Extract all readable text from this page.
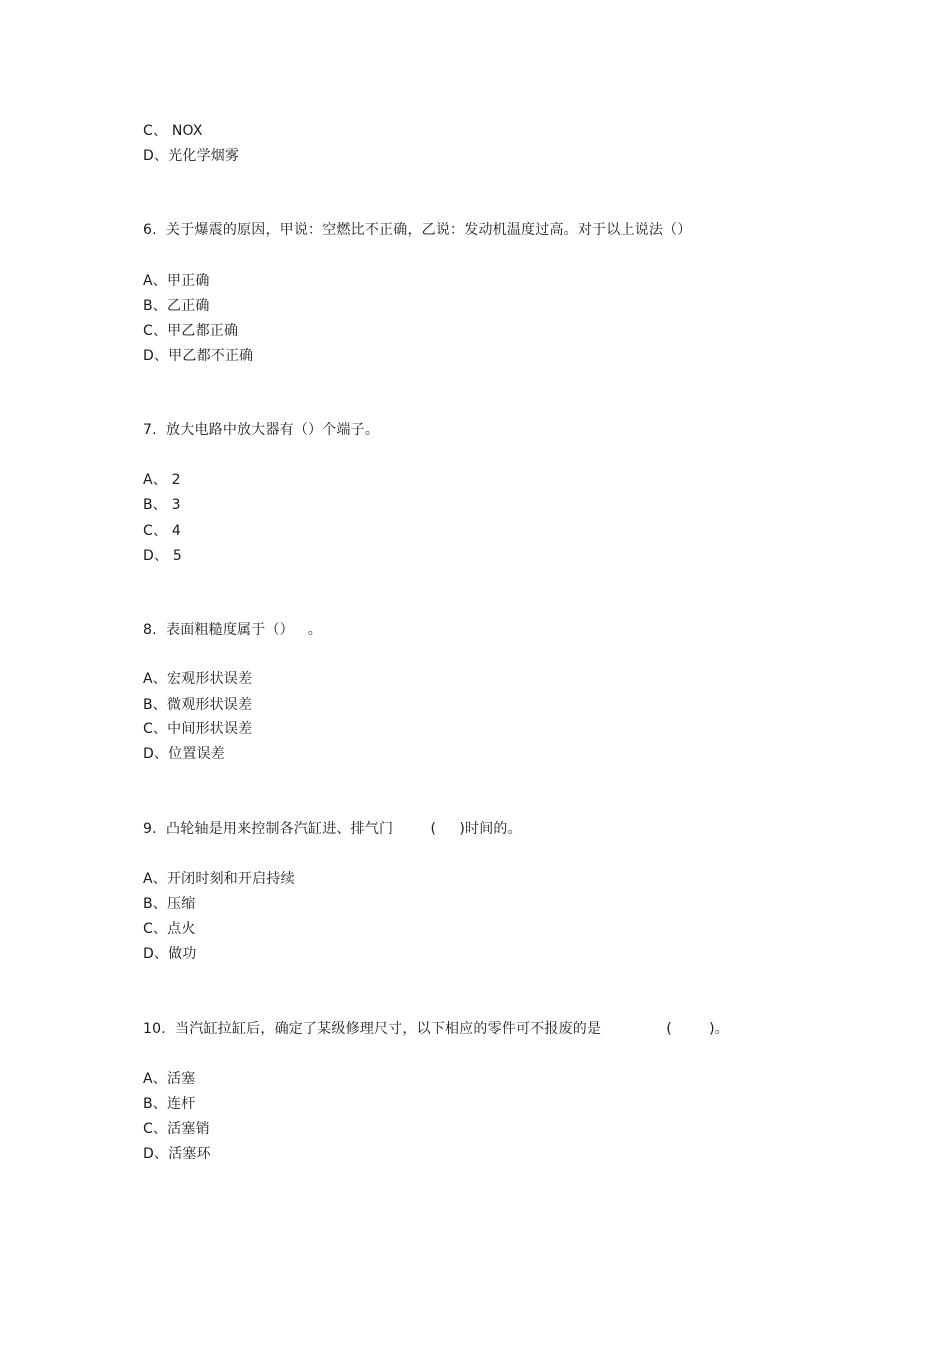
C、 NOX
D、光化学烟雾
6.  关于爆震的原因，甲说：空燃比不正确，乙说：发动机温度过高。对于以上说法（）
A、甲正确
B、乙正确
C、甲乙都正确
D、甲乙都不正确
7.  放大电路中放大器有（）个端子。
A、 2
B、 3
C、 4
D、 5
8.  表面粗糙度属于（）   。
A、宏观形状误差
B、微观形状误差
C、中间形状误差
D、位置误差
9.  凸轮轴是用来控制各汽缸进、排气门        (     )时间的。
A、开闭时刻和开启持续
B、压缩
C、点火
D、做功
10.  当汽缸拉缸后，确定了某级修理尺寸，以下相应的零件可不报废的是              (        )。
A、活塞
B、连杆
C、活塞销
D、活塞环
